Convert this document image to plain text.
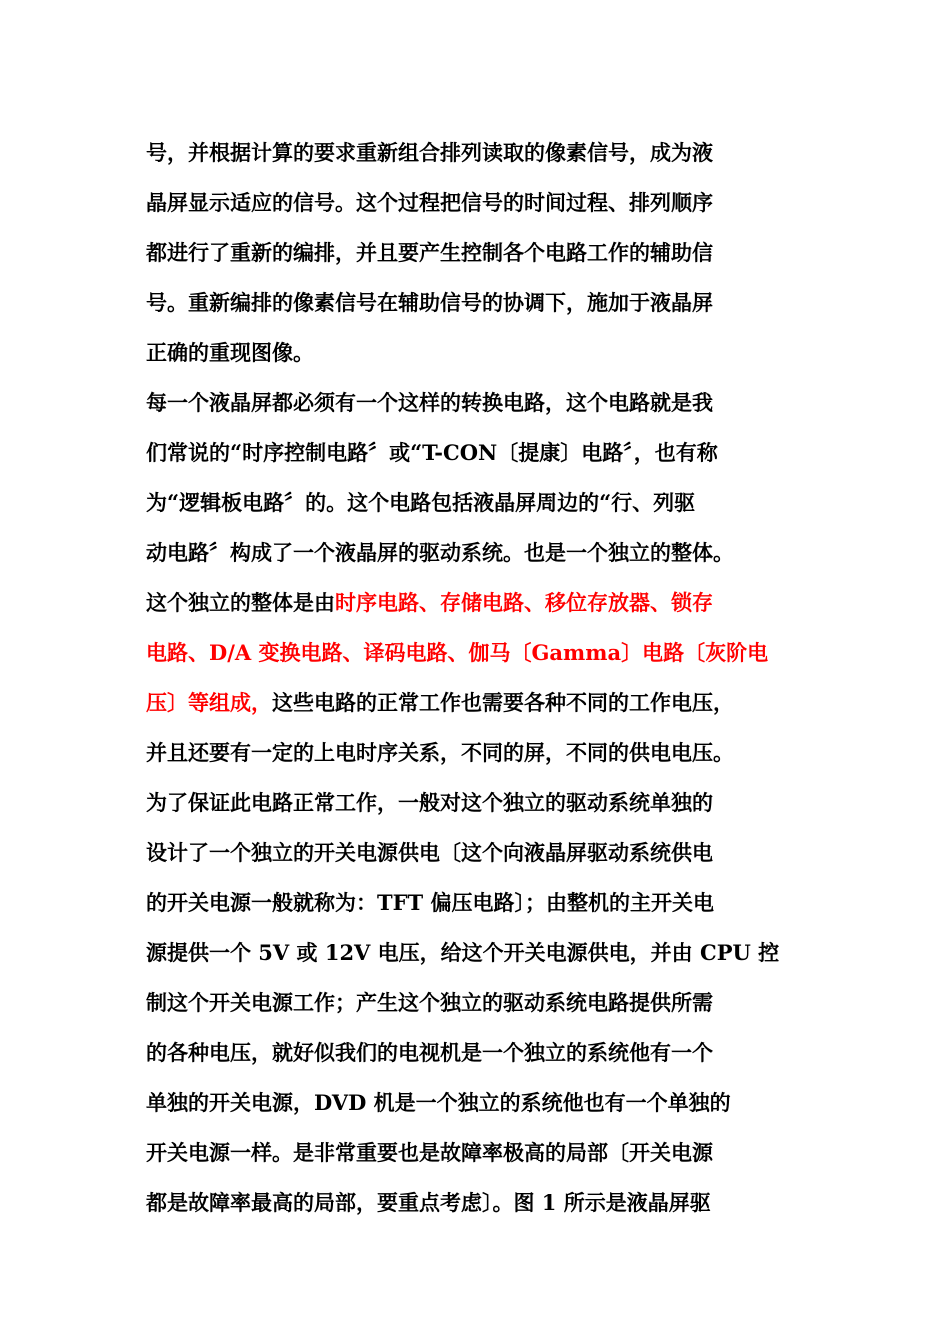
号，并根据计算的要求重新组合排列读取的像素信号，成为液
晶屏显示适应的信号。这个过程把信号的时间过程、排列顺序
都进行了重新的编排，并且要产生控制各个电路工作的辅助信
号。重新编排的像素信号在辅助信号的协调下，施加于液晶屏
正确的重现图像。
每一个液晶屏都必须有一个这样的转换电路，这个电路就是我
们常说的“时序控制电路〞或“T-CON〔提康〕电路〞，也有称
为“逻辑板电路〞的。这个电路包括液晶屏周边的“行、列驱
动电路〞构成了一个液晶屏的驱动系统。也是一个独立的整体。
这个独立的整体是由时序电路、存储电路、移位存放器、锁存
电路、D/A 变换电路、译码电路、伽马〔Gamma〕电路〔灰阶电
压〕等组成，这些电路的正常工作也需要各种不同的工作电压，
并且还要有一定的上电时序关系，不同的屏，不同的供电电压。
为了保证此电路正常工作，一般对这个独立的驱动系统单独的
设计了一个独立的开关电源供电〔这个向液晶屏驱动系统供电
的开关电源一般就称为：TFT 偏压电路〕；由整机的主开关电
源提供一个 5V 或 12V 电压，给这个开关电源供电，并由 CPU 控
制这个开关电源工作；产生这个独立的驱动系统电路提供所需
的各种电压，就好似我们的电视机是一个独立的系统他有一个
单独的开关电源，DVD 机是一个独立的系统他也有一个单独的
开关电源一样。是非常重要也是故障率极高的局部〔开关电源
都是故障率最高的局部，要重点考虑〕。图 1 所示是液晶屏驱
